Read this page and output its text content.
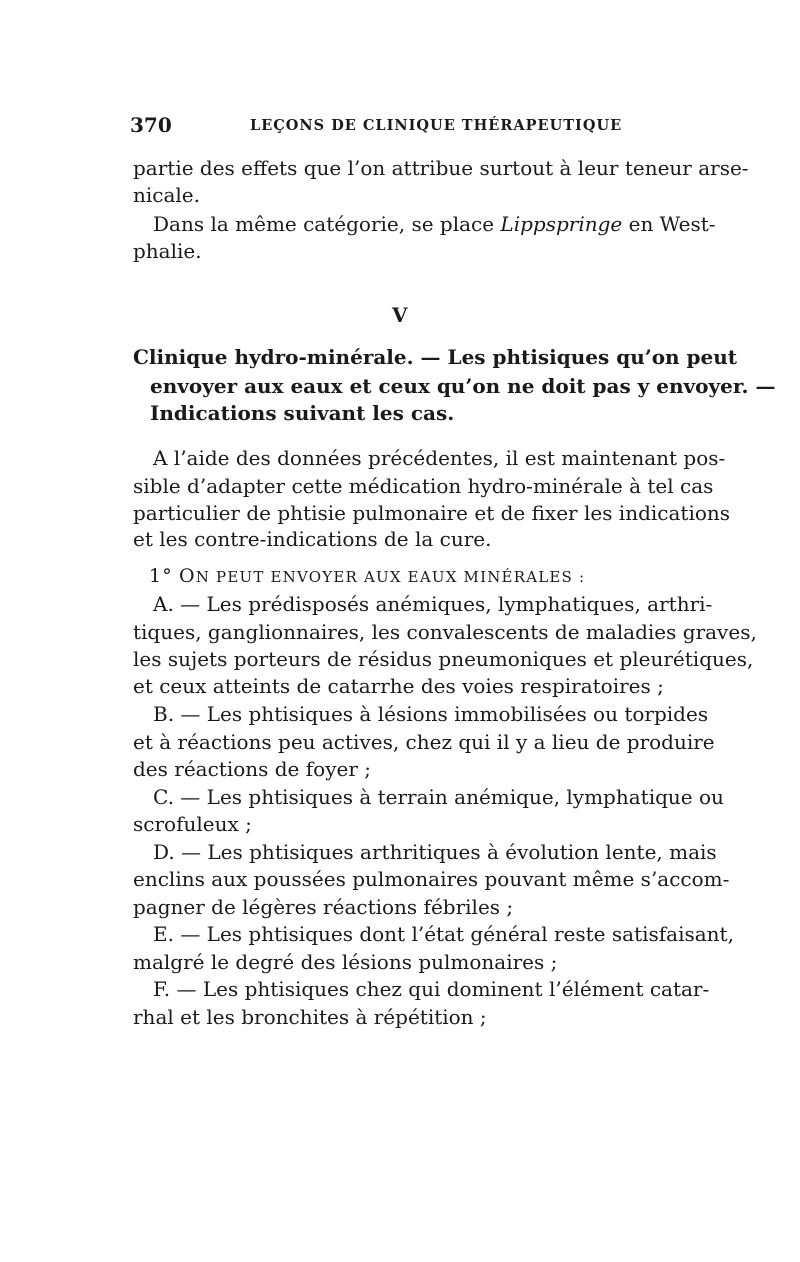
370	LEÇONS DE CLINIQUE THÉRAPEUTIQUE
partie des effets que l’on attribue surtout à leur teneur arse-
nicale.
Dans la même catégorie, se place Lippspringe en West-
phalie.
V
Clinique hydro-minérale. — Les phtisiques qu’on peut
envoyer aux eaux et ceux qu’on ne doit pas y envoyer. —
Indications suivant les cas.
A l’aide des données précédentes, il est maintenant pos-
sible d’adapter cette médication hydro-minérale à tel cas
particulier de phtisie pulmonaire et de fixer les indications
et les contre-indications de la cure.
1° ON PEUT ENVOYER AUX EAUX MINÉRALES :
A. — Les prédisposés anémiques, lymphatiques, arthri-
tiques, ganglionnaires, les convalescents de maladies graves,
les sujets porteurs de résidus pneumoniques et pleurétiques,
et ceux atteints de catarrhe des voies respiratoires ;
B. — Les phtisiques à lésions immobilisées ou torpides
et à réactions peu actives, chez qui il y a lieu de produire
des réactions de foyer ;
C. — Les phtisiques à terrain anémique, lymphatique ou
scrofuleux ;
D. — Les phtisiques arthritiques à évolution lente, mais
enclins aux poussées pulmonaires pouvant même s’accom-
pagner de légères réactions fébriles ;
E. — Les phtisiques dont l’état général reste satisfaisant,
malgré le degré des lésions pulmonaires ;
F. — Les phtisiques chez qui dominent l’élément catar-
rhal et les bronchites à répétition ;
